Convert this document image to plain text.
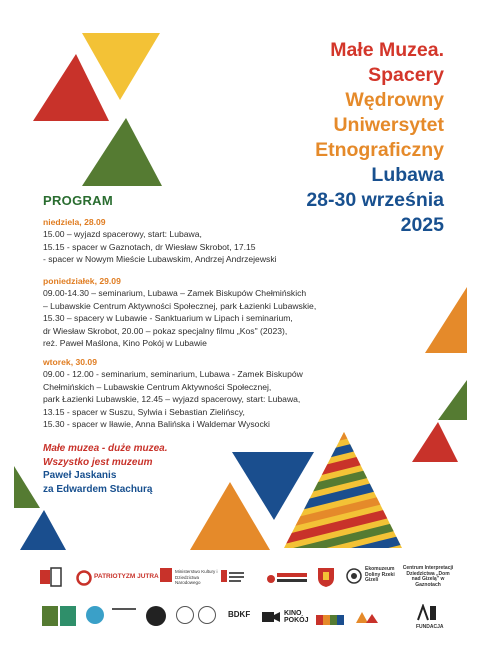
Małe Muzea.
Spacery
Wędrowny
Uniwersytet
Etnograficzny
Lubawa
28-30 września
2025
PROGRAM
niedziela, 28.09
15.00 – wyjazd spacerowy, start: Lubawa,
15.15 - spacer w Gaznotach, dr Wiesław Skrobot, 17.15
- spacer w Nowym Mieście Lubawskim, Andrzej Andrzejewski
poniedziałek, 29.09
09.00-14.30 – seminarium, Lubawa – Zamek Biskupów Chełmińskich
– Lubawskie Centrum Aktywności Społecznej, park Łazienki Lubawskie,
15.30 – spacery w Lubawie - Sanktuarium w Lipach i seminarium,
dr Wiesław Skrobot, 20.00 – pokaz specjalny filmu „Kos" (2023),
reż. Paweł Maślona, Kino Pokój w Lubawie
wtorek, 30.09
09.00 - 12.00 - seminarium, seminarium, Lubawa - Zamek Biskupów
Chełmińskich – Lubawskie Centrum Aktywności Społecznej,
park Łazienki Lubawskie, 12.45 – wyjazd spacerowy, start: Lubawa,
13.15 - spacer w Suszu, Sylwia i Sebastian Zielińscy,
15.30 - spacer w Iławie, Anna Balińska i Waldemar Wysocki
Małe muzea - duże muzea.
Wszystko jest muzeum
Paweł Jaskanis
za Edwardem Stachurą
PATRIOTYZM JUTRA
Ministerstwo Kultury i Dziedzictwa Narodowego
Ekomuzeum Doliny Rzeki Gizeli
Centrum Interpretacji Dziedzictwa „Dom nad Gizelą" w Gaznotach
BDKF	KINO POKÓJ
FUNDACJA
